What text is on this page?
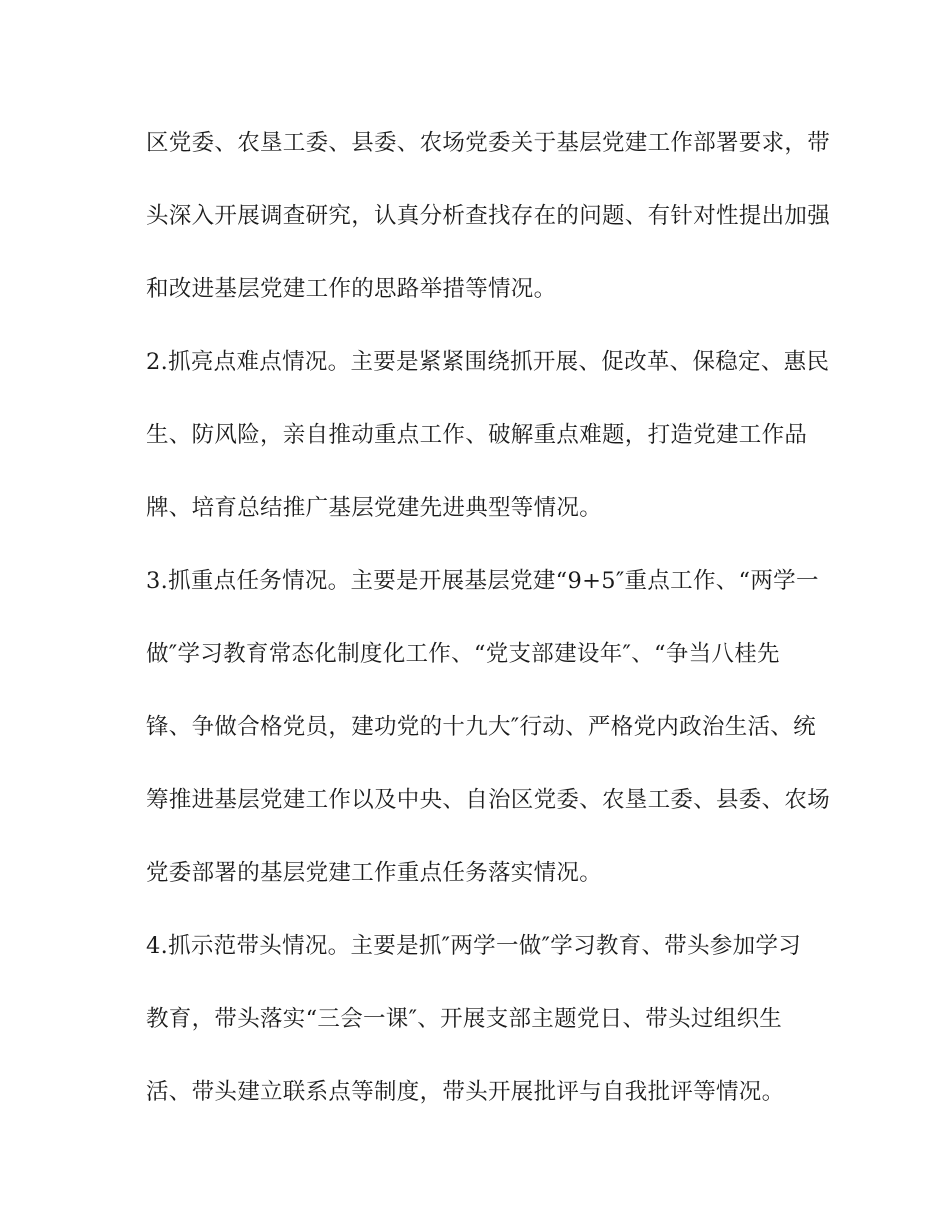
区党委、农垦工委、县委、农场党委关于基层党建工作部署要求，带
头深入开展调查研究，认真分析查找存在的问题、有针对性提出加强
和改进基层党建工作的思路举措等情况。
2.抓亮点难点情况。主要是紧紧围绕抓开展、促改革、保稳定、惠民
生、防风险，亲自推动重点工作、破解重点难题，打造党建工作品
牌、培育总结推广基层党建先进典型等情况。
3.抓重点任务情况。主要是开展基层党建“9+5″重点工作、“两学一
做″学习教育常态化制度化工作、“党支部建设年″、“争当八桂先
锋、争做合格党员，建功党的十九大″行动、严格党内政治生活、统
筹推进基层党建工作以及中央、自治区党委、农垦工委、县委、农场
党委部署的基层党建工作重点任务落实情况。
4.抓示范带头情况。主要是抓″两学一做″学习教育、带头参加学习
教育，带头落实“三会一课″、开展支部主题党日、带头过组织生
活、带头建立联系点等制度，带头开展批评与自我批评等情况。
